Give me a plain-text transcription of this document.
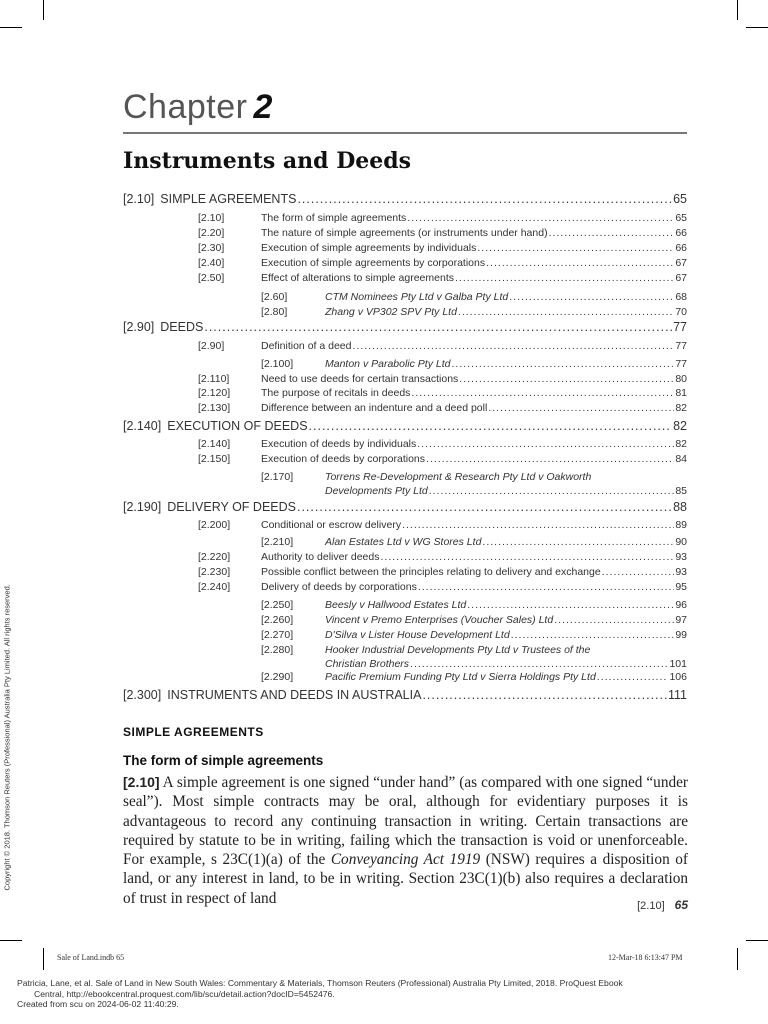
Chapter 2
Instruments and Deeds
[2.10] SIMPLE AGREEMENTS .....	65
[2.10]	The form of simple agreements .....	65
[2.20]	The nature of simple agreements (or instruments under hand) .....	66
[2.30]	Execution of simple agreements by individuals .....	66
[2.40]	Execution of simple agreements by corporations .....	67
[2.50]	Effect of alterations to simple agreements .....	67
[2.60]	CTM Nominees Pty Ltd v Galba Pty Ltd .....	68
[2.80]	Zhang v VP302 SPV Pty Ltd .....	70
[2.90] DEEDS .....	77
[2.90]	Definition of a deed .....	77
[2.100]	Manton v Parabolic Pty Ltd .....	77
[2.110]	Need to use deeds for certain transactions .....	80
[2.120]	The purpose of recitals in deeds .....	81
[2.130]	Difference between an indenture and a deed poll .....	82
[2.140] EXECUTION OF DEEDS .....	82
[2.140]	Execution of deeds by individuals .....	82
[2.150]	Execution of deeds by corporations .....	84
[2.170]	Torrens Re-Development & Research Pty Ltd v Oakworth
Developments Pty Ltd .....	85
[2.190] DELIVERY OF DEEDS .....	88
[2.200]	Conditional or escrow delivery .....	89
[2.210]	Alan Estates Ltd v WG Stores Ltd .....	90
[2.220]	Authority to deliver deeds .....	93
[2.230]	Possible conflict between the principles relating to delivery and exchange .....	93
[2.240]	Delivery of deeds by corporations .....	95
[2.250]	Beesly v Hallwood Estates Ltd .....	96
[2.260]	Vincent v Premo Enterprises (Voucher Sales) Ltd .....	97
[2.270]	D'Silva v Lister House Development Ltd .....	99
[2.280]	Hooker Industrial Developments Pty Ltd v Trustees of the
Christian Brothers .....	101
[2.290]	Pacific Premium Funding Pty Ltd v Sierra Holdings Pty Ltd .....	106
[2.300] INSTRUMENTS AND DEEDS IN AUSTRALIA .....	111
SIMPLE AGREEMENTS
The form of simple agreements
[2.10] A simple agreement is one signed “under hand” (as compared with one signed “under seal”). Most simple contracts may be oral, although for evidentiary purposes it is advantageous to record any continuing transaction in writing. Certain transactions are required by statute to be in writing, failing which the transaction is void or unenforceable. For example, s 23C(1)(a) of the Conveyancing Act 1919 (NSW) requires a disposition of land, or any interest in land, to be in writing. Section 23C(1)(b) also requires a declaration of trust in respect of land	[2.10] 65
Copyright © 2018. Thomson Reuters (Professional) Australia Pty Limited. All rights reserved.
Sale of Land.indb 65	12-Mar-18 6:13:47 PM
Patricia, Lane, et al. Sale of Land in New South Wales: Commentary & Materials, Thomson Reuters (Professional) Australia Pty Limited, 2018. ProQuest Ebook
Central, http://ebookcentral.proquest.com/lib/scu/detail.action?docID=5452476.
Created from scu on 2024-06-02 11:40:29.
